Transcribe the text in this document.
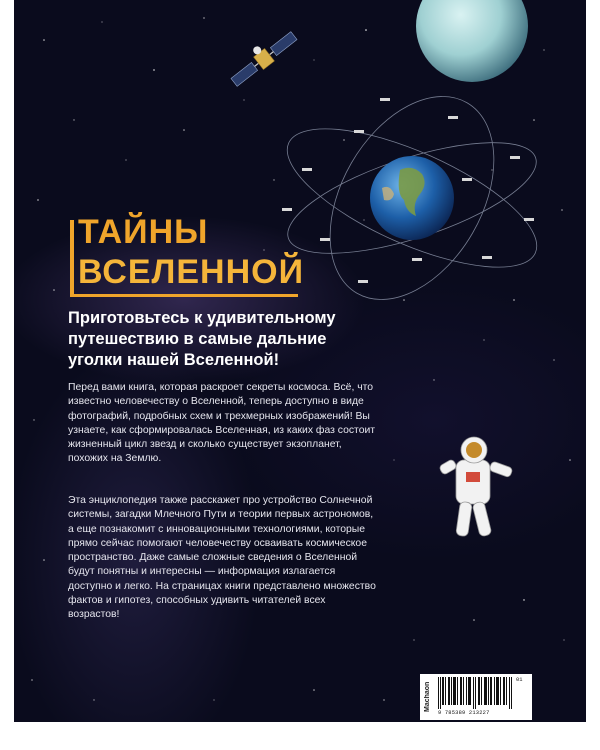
ТАЙНЫ

ВСЕЛЕННОЙ

Приготовьтесь к удивительному путешествию в самые дальние уголки нашей Вселенной!

Перед вами книга, которая раскроет секреты космоса. Всё, что известно человечеству о Вселенной, теперь доступно в виде фотографий, подробных схем и трехмерных изображений! Вы узнаете, как сформировалась Вселенная, из каких фаз состоит жизненный цикл звезд и сколько существует экзопланет, похожих на Землю.

Эта энциклопедия также расскажет про устройство Солнечной системы, загадки Млечного Пути и теории первых астрономов, а еще познакомит с инновационными технологиями, которые прямо сейчас помогают человечеству осваивать космическое пространство. Даже самые сложные сведения о Вселенной будут понятны и интересны — информация излагается доступно и легко. На страницах книги представлено множество фактов и гипотез, способных удивить читателей всех возрастов!

Machaon
9 785389 213227
01
